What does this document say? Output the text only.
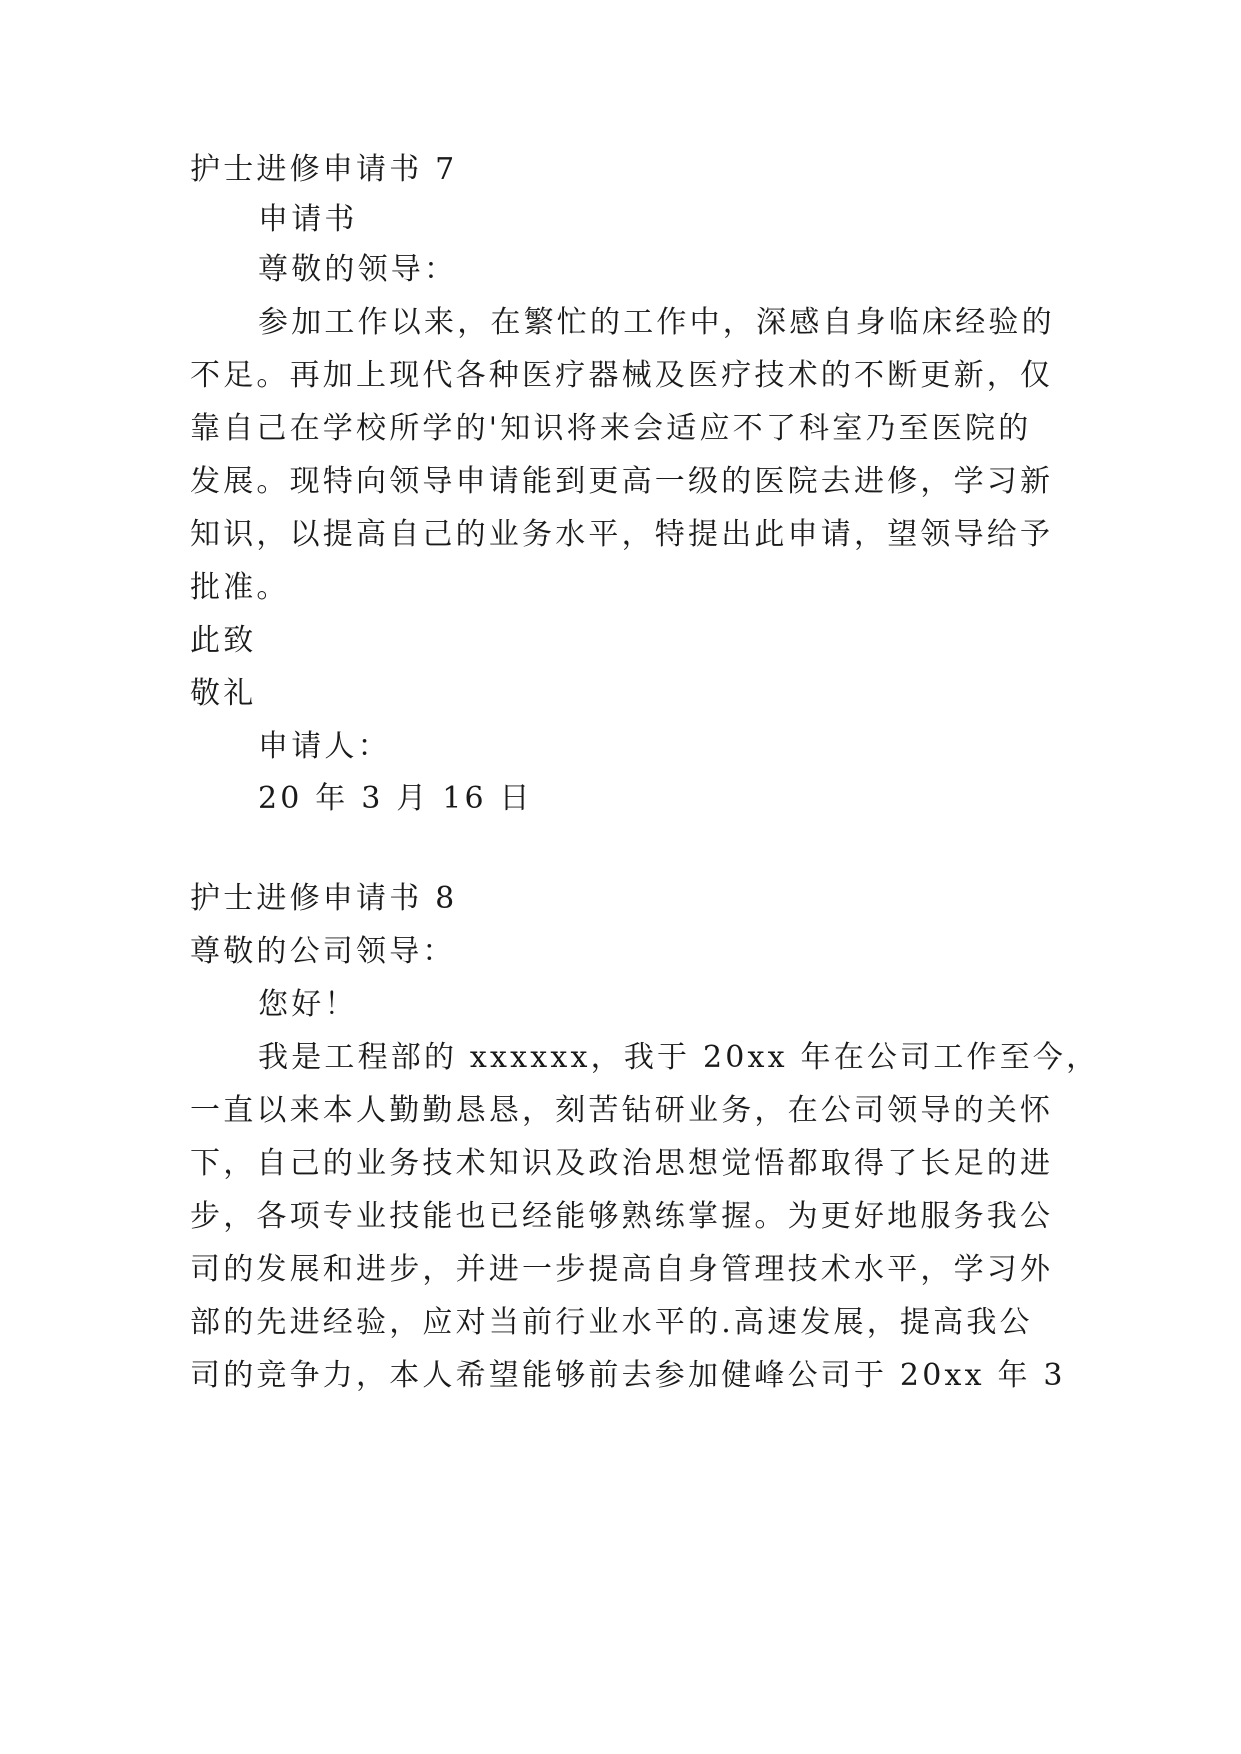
护士进修申请书 7
申请书
尊敬的领导：
参加工作以来，在繁忙的工作中，深感自身临床经验的
不足。再加上现代各种医疗器械及医疗技术的不断更新，仅
靠自己在学校所学的'知识将来会适应不了科室乃至医院的
发展。现特向领导申请能到更高一级的医院去进修，学习新
知识，以提高自己的业务水平，特提出此申请，望领导给予
批准。
此致
敬礼
申请人：
20 年 3 月 16 日
护士进修申请书 8
尊敬的公司领导：
您好！
我是工程部的 xxxxxx，我于 20xx 年在公司工作至今，
一直以来本人勤勤恳恳，刻苦钻研业务，在公司领导的关怀
下，自己的业务技术知识及政治思想觉悟都取得了长足的进
步，各项专业技能也已经能够熟练掌握。为更好地服务我公
司的发展和进步，并进一步提高自身管理技术水平，学习外
部的先进经验，应对当前行业水平的.高速发展，提高我公
司的竞争力，本人希望能够前去参加健峰公司于 20xx 年 3
